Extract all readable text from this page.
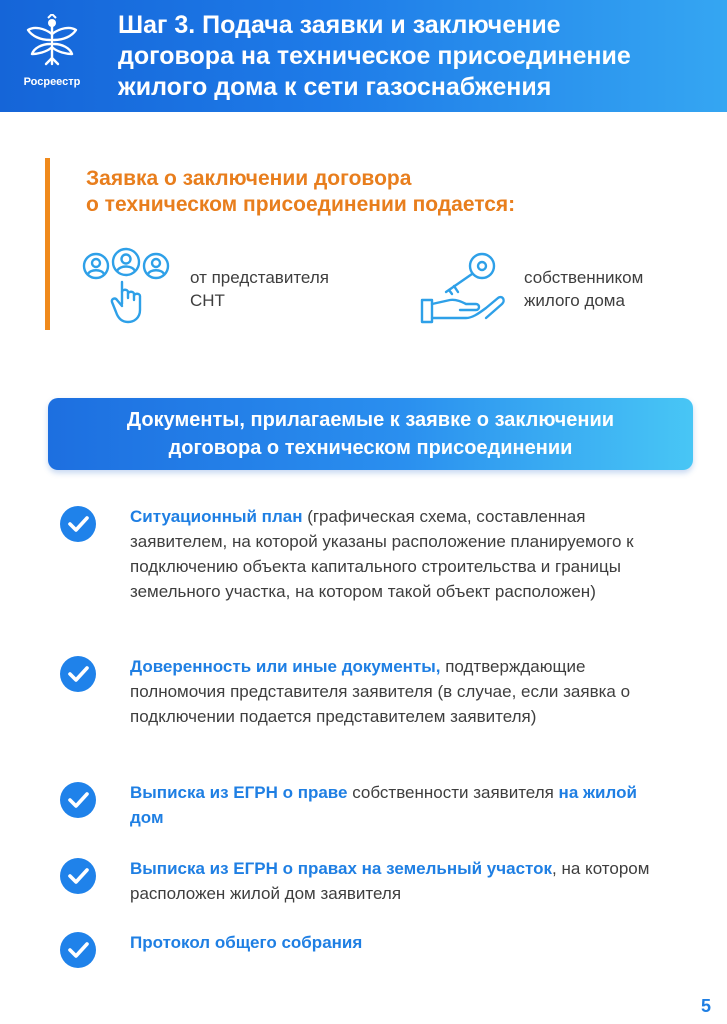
Росреестр
Шаг 3. Подача заявки и заключение
договора на техническое присоединение
жилого дома к сети газоснабжения
Заявка о заключении договора
о техническом присоединении подается:
от представителя
СНТ
собственником
жилого дома
Документы, прилагаемые к заявке о заключении
договора о техническом присоединении
Ситуационный план (графическая схема, составленная заявителем, на которой указаны расположение планируемого к подключению объекта капитального строительства и границы земельного участка, на котором такой объект расположен)
Доверенность или иные документы, подтверждающие полномочия представителя заявителя (в случае, если заявка о подключении подается представителем заявителя)
Выписка из ЕГРН о праве собственности заявителя на жилой дом
Выписка из ЕГРН о правах на земельный участок, на котором расположен жилой дом заявителя
Протокол общего собрания
5
